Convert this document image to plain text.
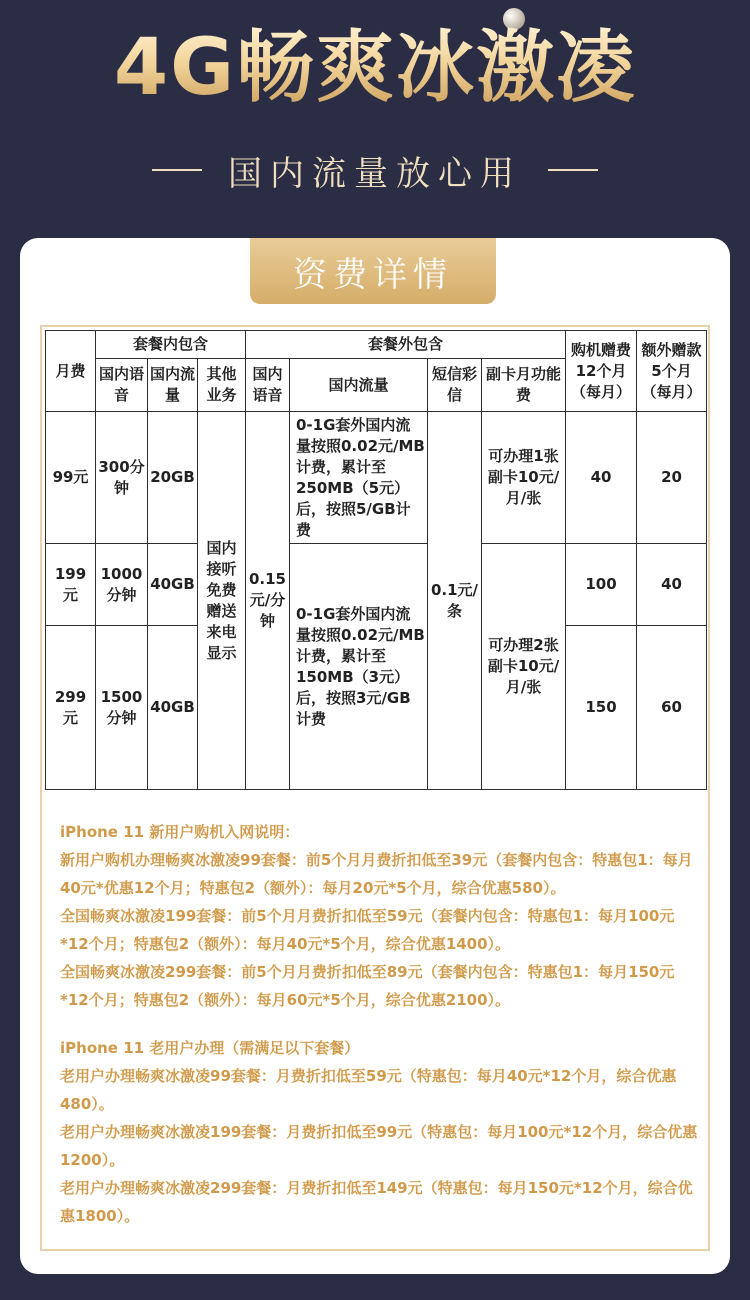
4G畅爽冰激凌
国内流量放心用
资费详情
月费	套餐内包含			套餐外包含				购机赠费12个月（每月）	额外赠款5个月（每月）
	国内语音	国内流量	其他业务	国内语音	国内流量	短信彩信	副卡月功能费		
99元	300分钟	20GB	国内接听免费赠送来电显示	0.15元/分钟	0-1G套外国内流量按照0.02元/MB计费，累计至250MB（5元）后，按照5/GB计费	0.1元/条	可办理1张副卡10元/月/张	40	20
199元	1000分钟	40GB			0-1G套外国内流量按照0.02元/MB计费，累计至150MB（3元）后，按照3元/GB计费		可办理2张副卡10元/月/张	100	40
299元	1500分钟	40GB						150	60

iPhone 11 新用户购机入网说明：

新用户购机办理畅爽冰激凌99套餐：前5个月月费折扣低至39元（套餐内包含：特惠包1：每月40元*优惠12个月；特惠包2（额外）：每月20元*5个月，综合优惠580）。

全国畅爽冰激凌199套餐：前5个月月费折扣低至59元（套餐内包含：特惠包1：每月100元*12个月；特惠包2（额外）：每月40元*5个月，综合优惠1400）。

全国畅爽冰激凌299套餐：前5个月月费折扣低至89元（套餐内包含：特惠包1：每月150元*12个月；特惠包2（额外）：每月60元*5个月，综合优惠2100）。

iPhone 11 老用户办理（需满足以下套餐）

老用户办理畅爽冰激凌99套餐：月费折扣低至59元（特惠包：每月40元*12个月，综合优惠480）。

老用户办理畅爽冰激凌199套餐：月费折扣低至99元（特惠包：每月100元*12个月，综合优惠1200）。

老用户办理畅爽冰激凌299套餐：月费折扣低至149元（特惠包：每月150元*12个月，综合优惠1800）。
